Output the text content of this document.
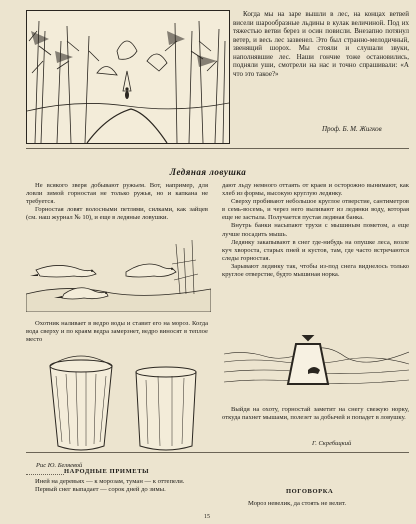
Когда мы на заре вышли в лес, на концах ветвей висели шарообразные льдины в кулак величиной. Под их тяжестью ветви берез и осин повисли. Внезапно потянул ветер, и весь лес зазвенел. Это был странно-мелодичный, звенящий шорох. Мы стояли и слушали звуки, наполнявшие лес. Наши гончие тоже остановились, подняли уши, смотрели на нас и точно спрашивали: «А что это такое?»

Проф. Б. М. Жигков
Ледяная ловушка

Не всякого зверя добывают ружьем. Вот, например, для ловли зимой горностая не только ружья, но и капкана не требуется.

Горностая ловят волосными петлями, силками, как зайцев (см. наш журнал № 10), и еще в ледяные ловушки.

Охотник наливает в ведро воды и ставит его на мороз. Когда вода сверху и по краям ведра замерзнет, ведро виносят в теплое место

Рис Ю. Беляевой

дают льду немного оттаять от краев и осторожно вынимают, как хлеб из формы, высокую круглую ледянку.

Сверху пробивают небольшое круглое отверстие, сантиметров в семь-восемь, и через него выливают из ледянки воду, которая еще не застыла. Получается пустая ледяная банка.

Внутрь банки насыпают трухи с мышиным пометом, а еще лучше посадить мышь.

Ледянку закапывают в снег где-нибудь на опушке леса, возле куч хвороста, старых пней и кустов, там, где часто встречаются следы горностая.

Зарывают ледянку так, чтобы из-под снега виднелось только круглое отверстие, будто мышиная норка.

Выйдя на охоту, горностай заметит на снегу свежую норку, откуда пахнет мышами, полезет за добычей и попадет в ловушку.

Г. Скребицкий
НАРОДНЫЕ ПРИМЕТЫ

Иней на деревьях — к морозам, туман — к оттепели.

Первый снег выпадает — сорок дней до зимы.	ПОГОВОРКА
Мороз невелик, да стоять не велит.
15
